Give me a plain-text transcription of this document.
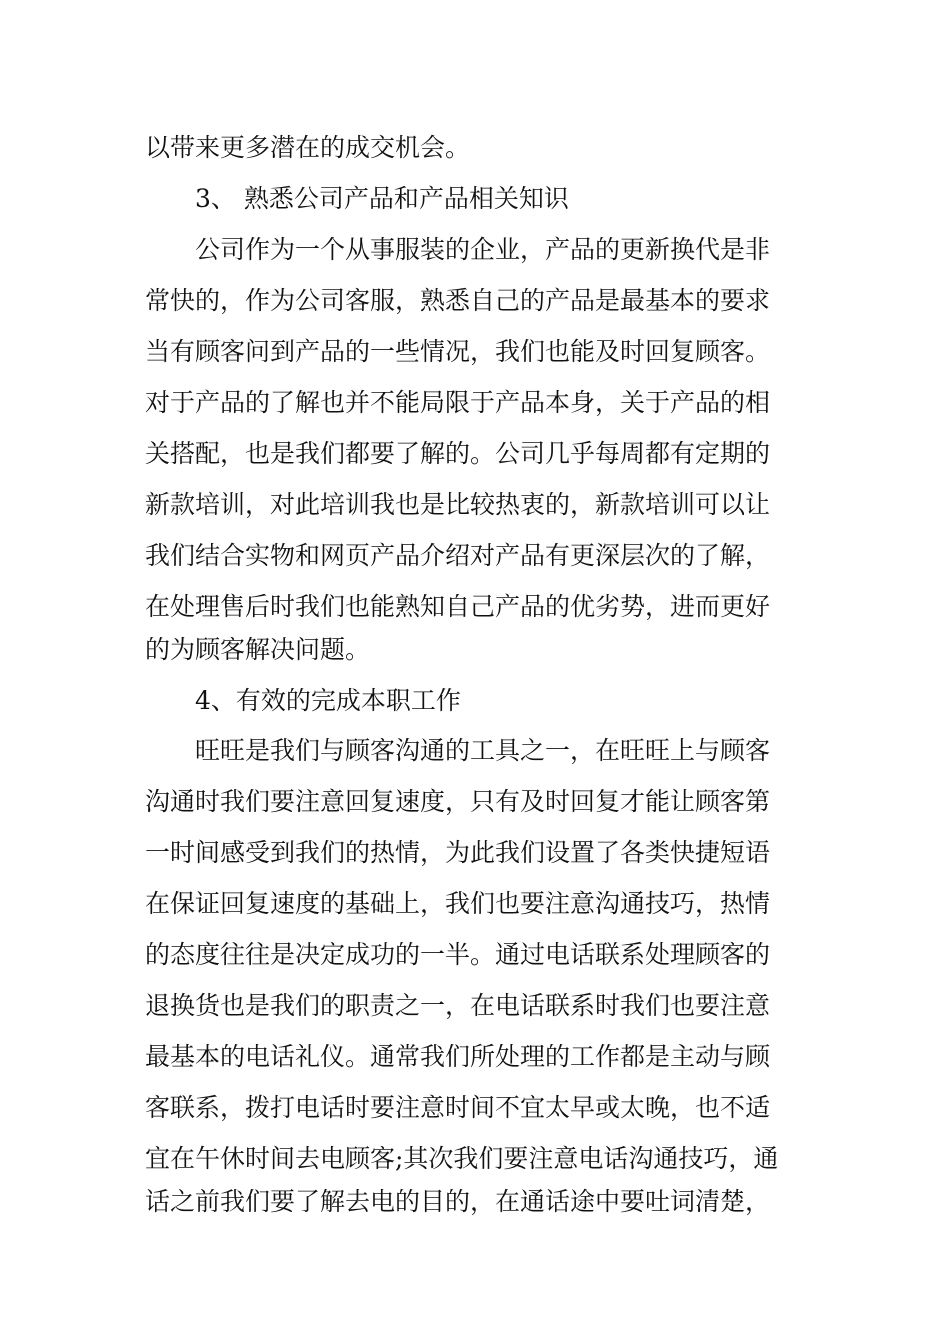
以带来更多潜在的成交机会。
3、 熟悉公司产品和产品相关知识
公司作为一个从事服装的企业，产品的更新换代是非
常快的，作为公司客服，熟悉自己的产品是最基本的要求
当有顾客问到产品的一些情况，我们也能及时回复顾客。
对于产品的了解也并不能局限于产品本身，关于产品的相
关搭配，也是我们都要了解的。公司几乎每周都有定期的
新款培训，对此培训我也是比较热衷的，新款培训可以让
我们结合实物和网页产品介绍对产品有更深层次的了解，
在处理售后时我们也能熟知自己产品的优劣势，进而更好
的为顾客解决问题。
4、有效的完成本职工作
旺旺是我们与顾客沟通的工具之一，在旺旺上与顾客
沟通时我们要注意回复速度，只有及时回复才能让顾客第
一时间感受到我们的热情，为此我们设置了各类快捷短语
在保证回复速度的基础上，我们也要注意沟通技巧，热情
的态度往往是决定成功的一半。通过电话联系处理顾客的
退换货也是我们的职责之一，在电话联系时我们也要注意
最基本的电话礼仪。通常我们所处理的工作都是主动与顾
客联系，拨打电话时要注意时间不宜太早或太晚，也不适
宜在午休时间去电顾客;其次我们要注意电话沟通技巧，通
话之前我们要了解去电的目的，在通话途中要吐词清楚，
